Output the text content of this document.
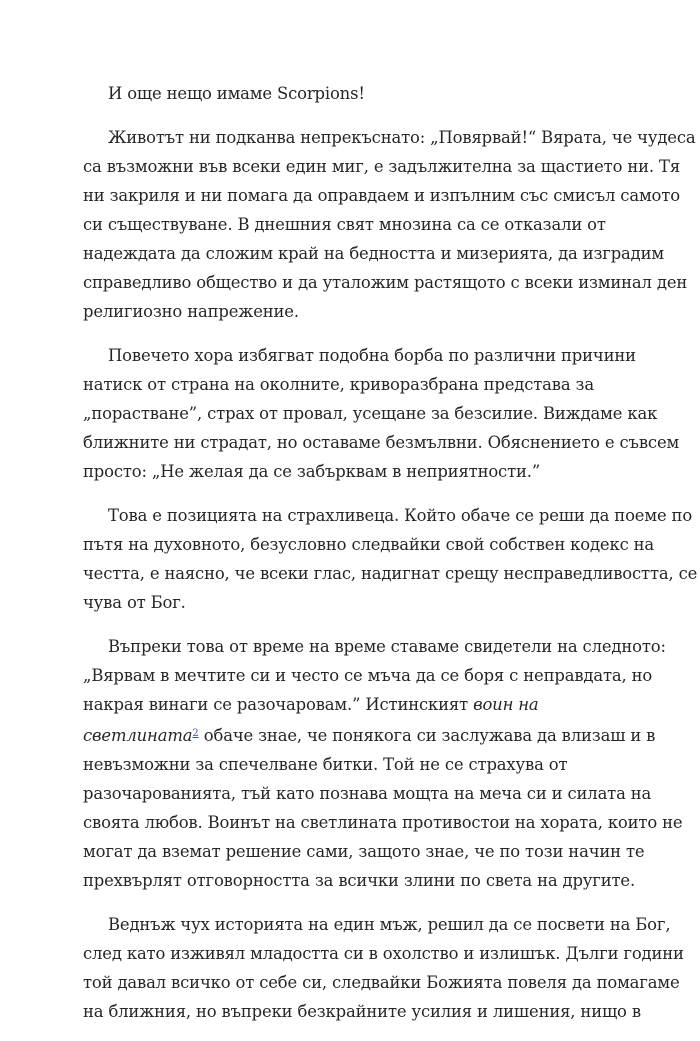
И още нещо имаме Scorpions!

Животът ни подканва непрекъснато: „Повярвай!“ Вярата, че чудеса
са възможни във всеки един миг, е задължителна за щастието ни. Тя
ни закриля и ни помага да оправдаем и изпълним със смисъл самото
си съществуване. В днешния свят мнозина са се отказали от
надеждата да сложим край на бедността и мизерията, да изградим
справедливо общество и да уталожим растящото с всеки изминал ден
религиозно напрежение.

Повечето хора избягват подобна борба по различни причини
натиск от страна на околните, криворазбрана представа за
„порастване”, страх от провал, усещане за безсилие. Виждаме как
ближните ни страдат, но оставаме безмълвни. Обяснението е съвсем
просто: „Не желая да се забърквам в неприятности.”

Това е позицията на страхливеца. Който обаче се реши да поеме по
пътя на духовното, безусловно следвайки свой собствен кодекс на
честта, е наясно, че всеки глас, надигнат срещу несправедливостта, се
чува от Бог.

Въпреки това от време на време ставаме свидетели на следното:
„Вярвам в мечтите си и често се мъча да се боря с неправдата, но
накрая винаги се разочаровам.” Истинският воин на
светлината$^2$ обаче знае, че понякога си заслужава да влизаш и в
невъзможни за спечелване битки. Той не се страхува от
разочарованията, тъй като познава мощта на меча си и силата на
своята любов. Воинът на светлината противостои на хората, които не
могат да вземат решение сами, защото знае, че по този начин те
прехвърлят отговорността за всички злини по света на другите.

Веднъж чух историята на един мъж, решил да се посвети на Бог,
след като изживял младостта си в охолство и излишък. Дълги години
той давал всичко от себе си, следвайки Божията повеля да помагаме
на ближния, но въпреки безкрайните усилия и лишения, нищо в
